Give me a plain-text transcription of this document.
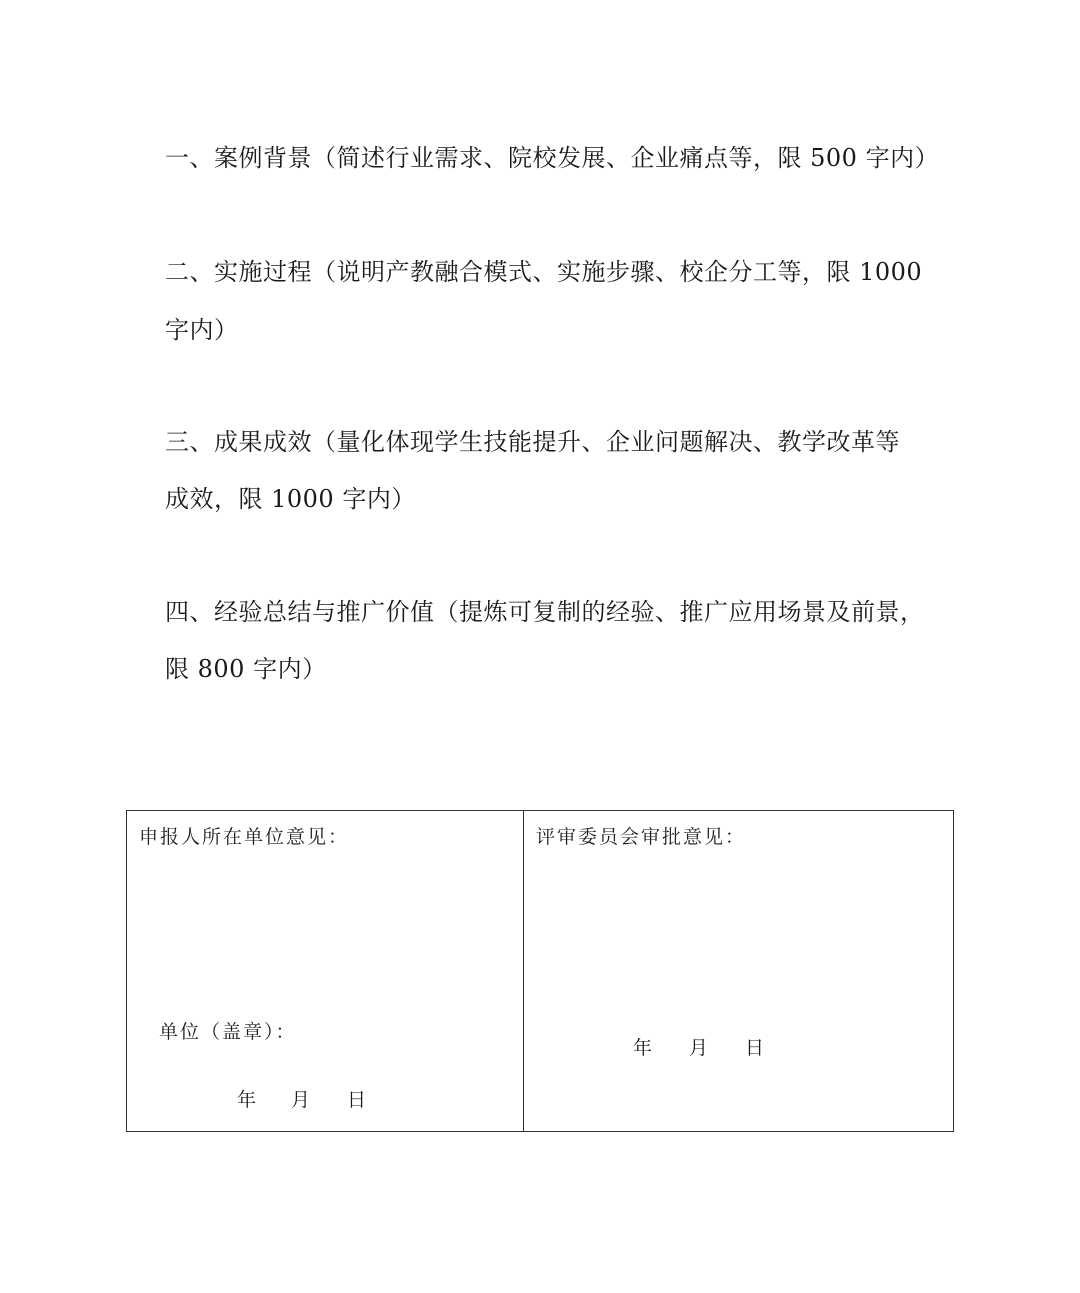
一、案例背景（简述行业需求、院校发展、企业痛点等，限 500 字内）
二、实施过程（说明产教融合模式、实施步骤、校企分工等，限 1000
字内）
三、成果成效（量化体现学生技能提升、企业问题解决、教学改革等
成效，限 1000 字内）
四、经验总结与推广价值（提炼可复制的经验、推广应用场景及前景，
限 800 字内）
申报人所在单位意见：
单位（盖章）：
年 月 日
评审委员会审批意见：
年 月 日
